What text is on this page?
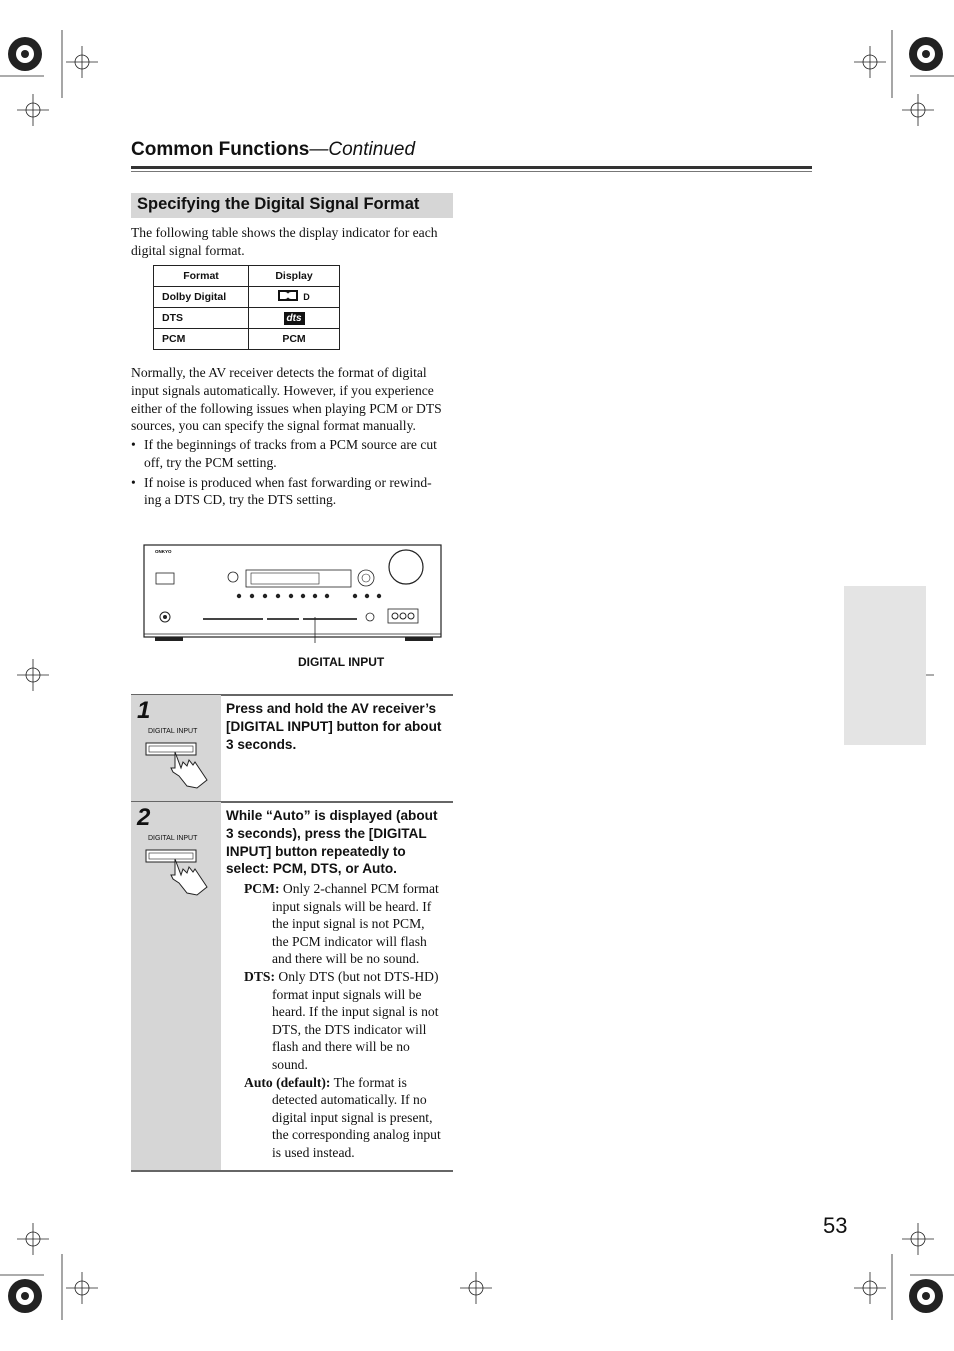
Common Functions—Continued
Specifying the Digital Signal Format
The following table shows the display indicator for each
digital signal format.
Format	Display
Dolby Digital	D
DTS	dts
PCM	PCM
Normally, the AV receiver detects the format of digital
input signals automatically. However, if you experience
either of the following issues when playing PCM or DTS
sources, you can specify the signal format manually.
• If the beginnings of tracks from a PCM source are cut
off, try the PCM setting.
• If noise is produced when fast forwarding or rewind-
ing a DTS CD, try the DTS setting.
ONKYO
DIGITAL INPUT
1
DIGITAL INPUT
Press and hold the AV receiver’s
[DIGITAL INPUT] button for about
3 seconds.
2
DIGITAL INPUT
While “Auto” is displayed (about
3 seconds), press the [DIGITAL
INPUT] button repeatedly to
select: PCM, DTS, or Auto.
PCM: Only 2-channel PCM format
input signals will be heard. If
the input signal is not PCM,
the PCM indicator will flash
and there will be no sound.
DTS: Only DTS (but not DTS-HD)
format input signals will be
heard. If the input signal is not
DTS, the DTS indicator will
flash and there will be no
sound.
Auto (default): The format is
detected automatically. If no
digital input signal is present,
the corresponding analog input
is used instead.
53
